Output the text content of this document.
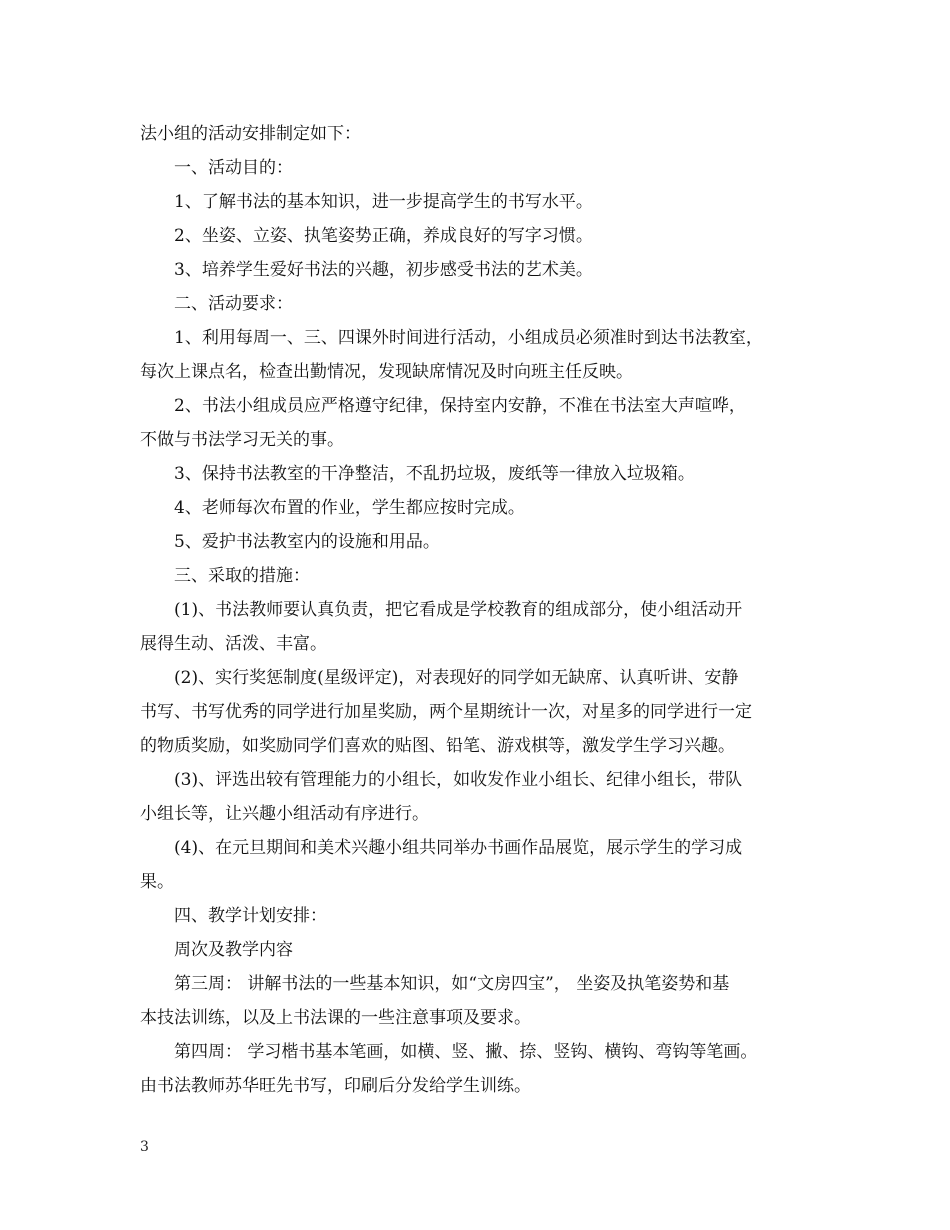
法小组的活动安排制定如下：

一、活动目的：

1、了解书法的基本知识，进一步提高学生的书写水平。

2、坐姿、立姿、执笔姿势正确，养成良好的写字习惯。

3、培养学生爱好书法的兴趣，初步感受书法的艺术美。

二、活动要求：

1、利用每周一、三、四课外时间进行活动，小组成员必须准时到达书法教室，

每次上课点名，检查出勤情况，发现缺席情况及时向班主任反映。

2、书法小组成员应严格遵守纪律，保持室内安静，不准在书法室大声喧哗，

不做与书法学习无关的事。

3、保持书法教室的干净整洁，不乱扔垃圾，废纸等一律放入垃圾箱。

4、老师每次布置的作业，学生都应按时完成。

5、爱护书法教室内的设施和用品。

三、采取的措施：

(1)、书法教师要认真负责，把它看成是学校教育的组成部分，使小组活动开

展得生动、活泼、丰富。

(2)、实行奖惩制度(星级评定)，对表现好的同学如无缺席、认真听讲、安静

书写、书写优秀的同学进行加星奖励，两个星期统计一次，对星多的同学进行一定

的物质奖励，如奖励同学们喜欢的贴图、铅笔、游戏棋等，激发学生学习兴趣。

(3)、评选出较有管理能力的小组长，如收发作业小组长、纪律小组长，带队

小组长等，让兴趣小组活动有序进行。

(4)、在元旦期间和美术兴趣小组共同举办书画作品展览，展示学生的学习成

果。

四、教学计划安排：

周次及教学内容

第三周： 讲解书法的一些基本知识，如“文房四宝”， 坐姿及执笔姿势和基

本技法训练，以及上书法课的一些注意事项及要求。

第四周： 学习楷书基本笔画，如横、竖、撇、捺、竖钩、横钩、弯钩等笔画。

由书法教师苏华旺先书写，印刷后分发给学生训练。

3
